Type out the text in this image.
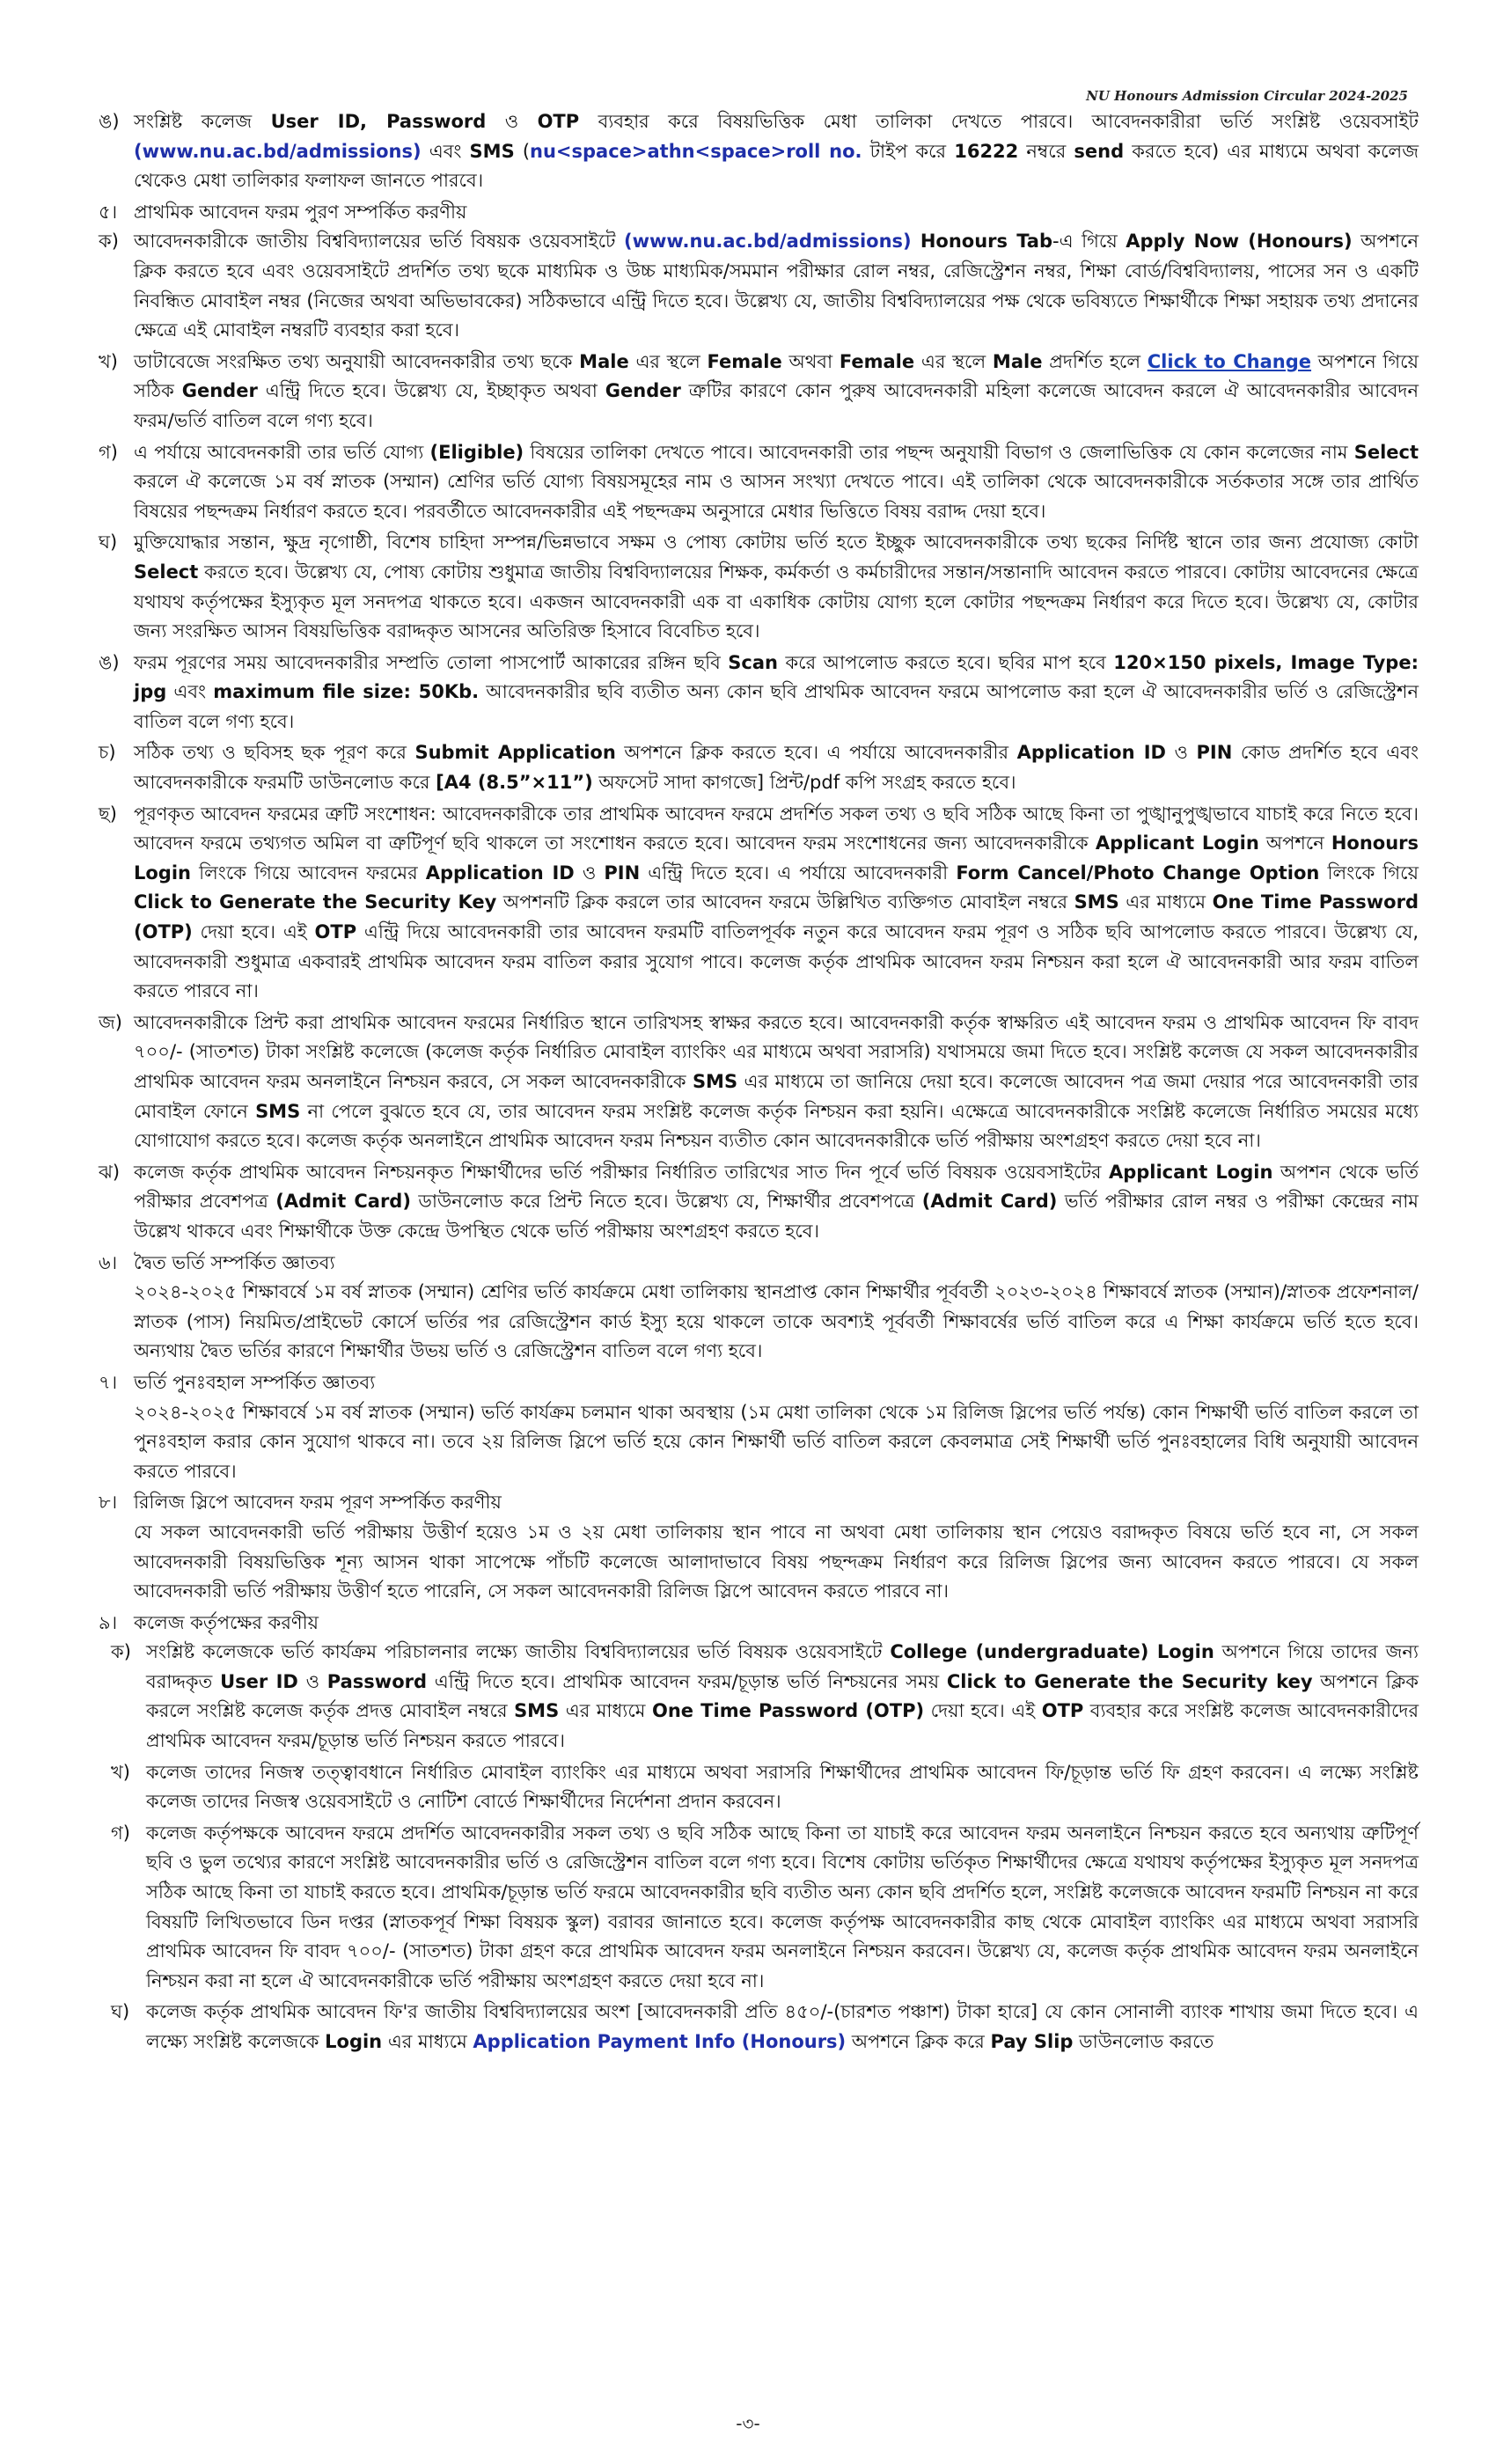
NU Honours Admission Circular 2024-2025

ঙ) সংশ্লিষ্ট কলেজ User ID, Password ও OTP ব্যবহার করে বিষয়ভিত্তিক মেধা তালিকা দেখতে পারবে। আবেদনকারীরা ভর্তি সংশ্লিষ্ট ওয়েবসাইট (www.nu.ac.bd/admissions) এবং SMS (nu<space>athn<space>roll no. টাইপ করে 16222 নম্বরে send করতে হবে) এর মাধ্যমে অথবা কলেজ থেকেও মেধা তালিকার ফলাফল জানতে পারবে।

৫। প্রাথমিক আবেদন ফরম পুরণ সম্পর্কিত করণীয়

ক) আবেদনকারীকে জাতীয় বিশ্ববিদ্যালয়ের ভর্তি বিষয়ক ওয়েবসাইটে (www.nu.ac.bd/admissions) Honours Tab-এ গিয়ে Apply Now (Honours) অপশনে ক্লিক করতে হবে এবং ওয়েবসাইটে প্রদর্শিত তথ্য ছকে মাধ্যমিক ও উচ্চ মাধ্যমিক/সমমান পরীক্ষার রোল নম্বর, রেজিস্ট্রেশন নম্বর, শিক্ষা বোর্ড/বিশ্ববিদ্যালয়, পাসের সন ও একটি নিবন্ধিত মোবাইল নম্বর (নিজের অথবা অভিভাবকের) সঠিকভাবে এন্ট্রি দিতে হবে। উল্লেখ্য যে, জাতীয় বিশ্ববিদ্যালয়ের পক্ষ থেকে ভবিষ্যতে শিক্ষার্থীকে শিক্ষা সহায়ক তথ্য প্রদানের ক্ষেত্রে এই মোবাইল নম্বরটি ব্যবহার করা হবে।

খ) ডাটাবেজে সংরক্ষিত তথ্য অনুযায়ী আবেদনকারীর তথ্য ছকে Male এর স্থলে Female অথবা Female এর স্থলে Male প্রদর্শিত হলে Click to Change অপশনে গিয়ে সঠিক Gender এন্ট্রি দিতে হবে। উল্লেখ্য যে, ইচ্ছাকৃত অথবা Gender ত্রুটির কারণে কোন পুরুষ আবেদনকারী মহিলা কলেজে আবেদন করলে ঐ আবেদনকারীর আবেদন ফরম/ভর্তি বাতিল বলে গণ্য হবে।

গ) এ পর্যায়ে আবেদনকারী তার ভর্তি যোগ্য (Eligible) বিষয়ের তালিকা দেখতে পাবে। আবেদনকারী তার পছন্দ অনুযায়ী বিভাগ ও জেলাভিত্তিক যে কোন কলেজের নাম Select করলে ঐ কলেজে ১ম বর্ষ স্নাতক (সম্মান) শ্রেণির ভর্তি যোগ্য বিষয়সমূহের নাম ও আসন সংখ্যা দেখতে পাবে। এই তালিকা থেকে আবেদনকারীকে সর্তকতার সঙ্গে তার প্রার্থিত বিষয়ের পছন্দক্রম নির্ধারণ করতে হবে। পরবর্তীতে আবেদনকারীর এই পছন্দক্রম অনুসারে মেধার ভিত্তিতে বিষয় বরাদ্দ দেয়া হবে।

ঘ) মুক্তিযোদ্ধার সন্তান, ক্ষুদ্র নৃগোষ্ঠী, বিশেষ চাহিদা সম্পন্ন/ভিন্নভাবে সক্ষম ও পোষ্য কোটায় ভর্তি হতে ইচ্ছুক আবেদনকারীকে তথ্য ছকের নির্দিষ্ট স্থানে তার জন্য প্রযোজ্য কোটা Select করতে হবে। উল্লেখ্য যে, পোষ্য কোটায় শুধুমাত্র জাতীয় বিশ্ববিদ্যালয়ের শিক্ষক, কর্মকর্তা ও কর্মচারীদের সন্তান/সন্তানাদি আবেদন করতে পারবে। কোটায় আবেদনের ক্ষেত্রে যথাযথ কর্তৃপক্ষের ইস্যুকৃত মূল সনদপত্র থাকতে হবে। একজন আবেদনকারী এক বা একাধিক কোটায় যোগ্য হলে কোটার পছন্দক্রম নির্ধারণ করে দিতে হবে। উল্লেখ্য যে, কোটার জন্য সংরক্ষিত আসন বিষয়ভিত্তিক বরাদ্দকৃত আসনের অতিরিক্ত হিসাবে বিবেচিত হবে।

ঙ) ফরম পূরণের সময় আবেদনকারীর সম্প্রতি তোলা পাসপোর্ট আকারের রঙ্গিন ছবি Scan করে আপলোড করতে হবে। ছবির মাপ হবে 120×150 pixels, Image Type: jpg এবং maximum file size: 50Kb. আবেদনকারীর ছবি ব্যতীত অন্য কোন ছবি প্রাথমিক আবেদন ফরমে আপলোড করা হলে ঐ আবেদনকারীর ভর্তি ও রেজিস্ট্রেশন বাতিল বলে গণ্য হবে।

চ) সঠিক তথ্য ও ছবিসহ ছক পূরণ করে Submit Application অপশনে ক্লিক করতে হবে। এ পর্যায়ে আবেদনকারীর Application ID ও PIN কোড প্রদর্শিত হবে এবং আবেদনকারীকে ফরমটি ডাউনলোড করে [A4 (8.5”×11”) অফসেট সাদা কাগজে] প্রিন্ট/pdf কপি সংগ্রহ করতে হবে।

ছ) পূরণকৃত আবেদন ফরমের ত্রুটি সংশোধন: আবেদনকারীকে তার প্রাথমিক আবেদন ফরমে প্রদর্শিত সকল তথ্য ও ছবি সঠিক আছে কিনা তা পুঙ্খানুপুঙ্খভাবে যাচাই করে নিতে হবে। আবেদন ফরমে তথ্যগত অমিল বা ত্রুটিপূর্ণ ছবি থাকলে তা সংশোধন করতে হবে। আবেদন ফরম সংশোধনের জন্য আবেদনকারীকে Applicant Login অপশনে Honours Login লিংকে গিয়ে আবেদন ফরমের Application ID ও PIN এন্ট্রি দিতে হবে। এ পর্যায়ে আবেদনকারী Form Cancel/Photo Change Option লিংকে গিয়ে Click to Generate the Security Key অপশনটি ক্লিক করলে তার আবেদন ফরমে উল্লিখিত ব্যক্তিগত মোবাইল নম্বরে SMS এর মাধ্যমে One Time Password (OTP) দেয়া হবে। এই OTP এন্ট্রি দিয়ে আবেদনকারী তার আবেদন ফরমটি বাতিলপূর্বক নতুন করে আবেদন ফরম পূরণ ও সঠিক ছবি আপলোড করতে পারবে। উল্লেখ্য যে, আবেদনকারী শুধুমাত্র একবারই প্রাথমিক আবেদন ফরম বাতিল করার সুযোগ পাবে। কলেজ কর্তৃক প্রাথমিক আবেদন ফরম নিশ্চয়ন করা হলে ঐ আবেদনকারী আর ফরম বাতিল করতে পারবে না।

জ) আবেদনকারীকে প্রিন্ট করা প্রাথমিক আবেদন ফরমের নির্ধারিত স্থানে তারিখসহ স্বাক্ষর করতে হবে। আবেদনকারী কর্তৃক স্বাক্ষরিত এই আবেদন ফরম ও প্রাথমিক আবেদন ফি বাবদ ৭০০/- (সাতশত) টাকা সংশ্লিষ্ট কলেজে (কলেজ কর্তৃক নির্ধারিত মোবাইল ব্যাংকিং এর মাধ্যমে অথবা সরাসরি) যথাসময়ে জমা দিতে হবে। সংশ্লিষ্ট কলেজ যে সকল আবেদনকারীর প্রাথমিক আবেদন ফরম অনলাইনে নিশ্চয়ন করবে, সে সকল আবেদনকারীকে SMS এর মাধ্যমে তা জানিয়ে দেয়া হবে। কলেজে আবেদন পত্র জমা দেয়ার পরে আবেদনকারী তার মোবাইল ফোনে SMS না পেলে বুঝতে হবে যে, তার আবেদন ফরম সংশ্লিষ্ট কলেজ কর্তৃক নিশ্চয়ন করা হয়নি। এক্ষেত্রে আবেদনকারীকে সংশ্লিষ্ট কলেজে নির্ধারিত সময়ের মধ্যে যোগাযোগ করতে হবে। কলেজ কর্তৃক অনলাইনে প্রাথমিক আবেদন ফরম নিশ্চয়ন ব্যতীত কোন আবেদনকারীকে ভর্তি পরীক্ষায় অংশগ্রহণ করতে দেয়া হবে না।

ঝ) কলেজ কর্তৃক প্রাথমিক আবেদন নিশ্চয়নকৃত শিক্ষার্থীদের ভর্তি পরীক্ষার নির্ধারিত তারিখের সাত দিন পূর্বে ভর্তি বিষয়ক ওয়েবসাইটের Applicant Login অপশন থেকে ভর্তি পরীক্ষার প্রবেশপত্র (Admit Card) ডাউনলোড করে প্রিন্ট নিতে হবে। উল্লেখ্য যে, শিক্ষার্থীর প্রবেশপত্রে (Admit Card) ভর্তি পরীক্ষার রোল নম্বর ও পরীক্ষা কেন্দ্রের নাম উল্লেখ থাকবে এবং শিক্ষার্থীকে উক্ত কেন্দ্রে উপস্থিত থেকে ভর্তি পরীক্ষায় অংশগ্রহণ করতে হবে।

৬। দ্বৈত ভর্তি সম্পর্কিত জ্ঞাতব্য

২০২৪-২০২৫ শিক্ষাবর্ষে ১ম বর্ষ স্নাতক (সম্মান) শ্রেণির ভর্তি কার্যক্রমে মেধা তালিকায় স্থানপ্রাপ্ত কোন শিক্ষার্থীর পূর্ববর্তী ২০২৩-২০২৪ শিক্ষাবর্ষে স্নাতক (সম্মান)/স্নাতক প্রফেশনাল/স্নাতক (পাস) নিয়মিত/প্রাইভেট কোর্সে ভর্তির পর রেজিস্ট্রেশন কার্ড ইস্যু হয়ে থাকলে তাকে অবশ্যই পূর্ববর্তী শিক্ষাবর্ষের ভর্তি বাতিল করে এ শিক্ষা কার্যক্রমে ভর্তি হতে হবে। অন্যথায় দ্বৈত ভর্তির কারণে শিক্ষার্থীর উভয় ভর্তি ও রেজিস্ট্রেশন বাতিল বলে গণ্য হবে।

৭। ভর্তি পুনঃবহাল সম্পর্কিত জ্ঞাতব্য

২০২৪-২০২৫ শিক্ষাবর্ষে ১ম বর্ষ স্নাতক (সম্মান) ভর্তি কার্যক্রম চলমান থাকা অবস্থায় (১ম মেধা তালিকা থেকে ১ম রিলিজ স্লিপের ভর্তি পর্যন্ত) কোন শিক্ষার্থী ভর্তি বাতিল করলে তা পুনঃবহাল করার কোন সুযোগ থাকবে না। তবে ২য় রিলিজ স্লিপে ভর্তি হয়ে কোন শিক্ষার্থী ভর্তি বাতিল করলে কেবলমাত্র সেই শিক্ষার্থী ভর্তি পুনঃবহালের বিধি অনুযায়ী আবেদন করতে পারবে।

৮। রিলিজ স্লিপে আবেদন ফরম পূরণ সম্পর্কিত করণীয়

যে সকল আবেদনকারী ভর্তি পরীক্ষায় উত্তীর্ণ হয়েও ১ম ও ২য় মেধা তালিকায় স্থান পাবে না অথবা মেধা তালিকায় স্থান পেয়েও বরাদ্দকৃত বিষয়ে ভর্তি হবে না, সে সকল আবেদনকারী বিষয়ভিত্তিক শূন্য আসন থাকা সাপেক্ষে পাঁচটি কলেজে আলাদাভাবে বিষয় পছন্দক্রম নির্ধারণ করে রিলিজ স্লিপের জন্য আবেদন করতে পারবে। যে সকল আবেদনকারী ভর্তি পরীক্ষায় উত্তীর্ণ হতে পারেনি, সে সকল আবেদনকারী রিলিজ স্লিপে আবেদন করতে পারবে না।

৯। কলেজ কর্তৃপক্ষের করণীয়

ক) সংশ্লিষ্ট কলেজকে ভর্তি কার্যক্রম পরিচালনার লক্ষ্যে জাতীয় বিশ্ববিদ্যালয়ের ভর্তি বিষয়ক ওয়েবসাইটে College (undergraduate) Login অপশনে গিয়ে তাদের জন্য বরাদ্দকৃত User ID ও Password এন্ট্রি দিতে হবে। প্রাথমিক আবেদন ফরম/চূড়ান্ত ভর্তি নিশ্চয়নের সময় Click to Generate the Security key অপশনে ক্লিক করলে সংশ্লিষ্ট কলেজ কর্তৃক প্রদত্ত মোবাইল নম্বরে SMS এর মাধ্যমে One Time Password (OTP) দেয়া হবে। এই OTP ব্যবহার করে সংশ্লিষ্ট কলেজ আবেদনকারীদের প্রাথমিক আবেদন ফরম/চূড়ান্ত ভর্তি নিশ্চয়ন করতে পারবে।

খ) কলেজ তাদের নিজস্ব তত্ত্বাবধানে নির্ধারিত মোবাইল ব্যাংকিং এর মাধ্যমে অথবা সরাসরি শিক্ষার্থীদের প্রাথমিক আবেদন ফি/চূড়ান্ত ভর্তি ফি গ্রহণ করবেন। এ লক্ষ্যে সংশ্লিষ্ট কলেজ তাদের নিজস্ব ওয়েবসাইটে ও নোটিশ বোর্ডে শিক্ষার্থীদের নির্দেশনা প্রদান করবেন।

গ) কলেজ কর্তৃপক্ষকে আবেদন ফরমে প্রদর্শিত আবেদনকারীর সকল তথ্য ও ছবি সঠিক আছে কিনা তা যাচাই করে আবেদন ফরম অনলাইনে নিশ্চয়ন করতে হবে অন্যথায় ত্রুটিপূর্ণ ছবি ও ভুল তথ্যের কারণে সংশ্লিষ্ট আবেদনকারীর ভর্তি ও রেজিস্ট্রেশন বাতিল বলে গণ্য হবে। বিশেষ কোটায় ভর্তিকৃত শিক্ষার্থীদের ক্ষেত্রে যথাযথ কর্তৃপক্ষের ইস্যুকৃত মূল সনদপত্র সঠিক আছে কিনা তা যাচাই করতে হবে। প্রাথমিক/চূড়ান্ত ভর্তি ফরমে আবেদনকারীর ছবি ব্যতীত অন্য কোন ছবি প্রদর্শিত হলে, সংশ্লিষ্ট কলেজকে আবেদন ফরমটি নিশ্চয়ন না করে বিষয়টি লিখিতভাবে ডিন দপ্তর (স্নাতকপূর্ব শিক্ষা বিষয়ক স্কুল) বরাবর জানাতে হবে। কলেজ কর্তৃপক্ষ আবেদনকারীর কাছ থেকে মোবাইল ব্যাংকিং এর মাধ্যমে অথবা সরাসরি প্রাথমিক আবেদন ফি বাবদ ৭০০/- (সাতশত) টাকা গ্রহণ করে প্রাথমিক আবেদন ফরম অনলাইনে নিশ্চয়ন করবেন। উল্লেখ্য যে, কলেজ কর্তৃক প্রাথমিক আবেদন ফরম অনলাইনে নিশ্চয়ন করা না হলে ঐ আবেদনকারীকে ভর্তি পরীক্ষায় অংশগ্রহণ করতে দেয়া হবে না।

ঘ) কলেজ কর্তৃক প্রাথমিক আবেদন ফি'র জাতীয় বিশ্ববিদ্যালয়ের অংশ [আবেদনকারী প্রতি ৪৫০/-(চারশত পঞ্চাশ) টাকা হারে] যে কোন সোনালী ব্যাংক শাখায় জমা দিতে হবে। এ লক্ষ্যে সংশ্লিষ্ট কলেজকে Login এর মাধ্যমে Application Payment Info (Honours) অপশনে ক্লিক করে Pay Slip ডাউনলোড করতে

-৩-
